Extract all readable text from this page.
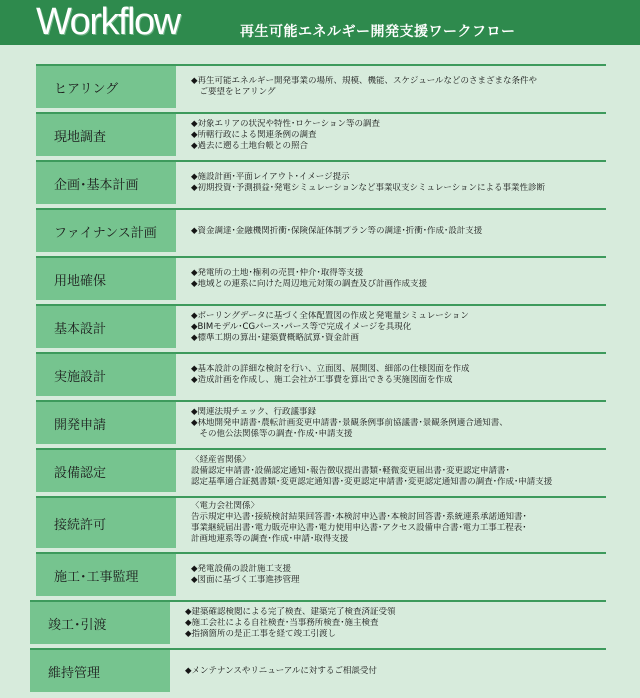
Workflow	再生可能エネルギー開発支援ワークフロー
ヒアリング
◆再生可能エネルギー開発事業の場所、規模、機能、スケジュールなどのさまざまな条件や
　ご要望をヒアリング
現地調査
◆対象エリアの状況や特性･ロケーション等の調査
◆所轄行政による関連条例の調査
◆過去に遡る土地台帳との照合
企画･基本計画
◆施設計画･平面レイアウト･イメージ提示
◆初期投資･予測損益･発電シミュレーションなど事業収支シミュレーションによる事業性診断
ファイナンス計画	◆資金調達･金融機関折衝･保険保証体制プラン等の調達･折衝･作成･設計支援
用地確保
◆発電所の土地･権利の売買･仲介･取得等支援
◆地域との連系に向けた周辺地元対策の調査及び計画作成支援
基本設計
◆ボーリングデータに基づく全体配置図の作成と発電量シミュレーション
◆BIMモデル･CGパース･パース等で完成イメージを具現化
◆標準工期の算出･建築費概略試算･資金計画
実施設計
◆基本設計の詳細な検討を行い、立面図、展開図、細部の仕様図面を作成
◆造成計画を作成し、施工会社が工事費を算出できる実施図面を作成
開発申請
◆関連法規チェック、行政議事録
◆林地開発申請書･農転計画変更申請書･景観条例事前協議書･景観条例適合通知書、
　その他公法関係等の調査･作成･申請支援
設備認定
〈経産省関係〉
設備認定申請書･設備認定通知･報告徴収提出書類･軽微変更届出書･変更認定申請書･
認定基準適合証拠書類･変更認定通知書･変更認定申請書･変更認定通知書の調査･作成･申請支援
接続許可
〈電力会社関係〉
告示規定申込書･接続検討結果回答書･本検討申込書･本検討回答書･系統連系承諾通知書･
事業継続届出書･電力販売申込書･電力使用申込書･アクセス設備申合書･電力工事工程表･
計画地連系等の調査･作成･申請･取得支援
施工･工事監理
◆発電設備の設計施工支援
◆図面に基づく工事進捗管理
竣工･引渡
◆建築確認検閲による完了検査、建築完了検査済証受領
◆施工会社による自社検査･当事務所検査･施主検査
◆指摘箇所の是正工事を経て竣工引渡し
維持管理	◆メンテナンスやリニューアルに対するご相談受付
